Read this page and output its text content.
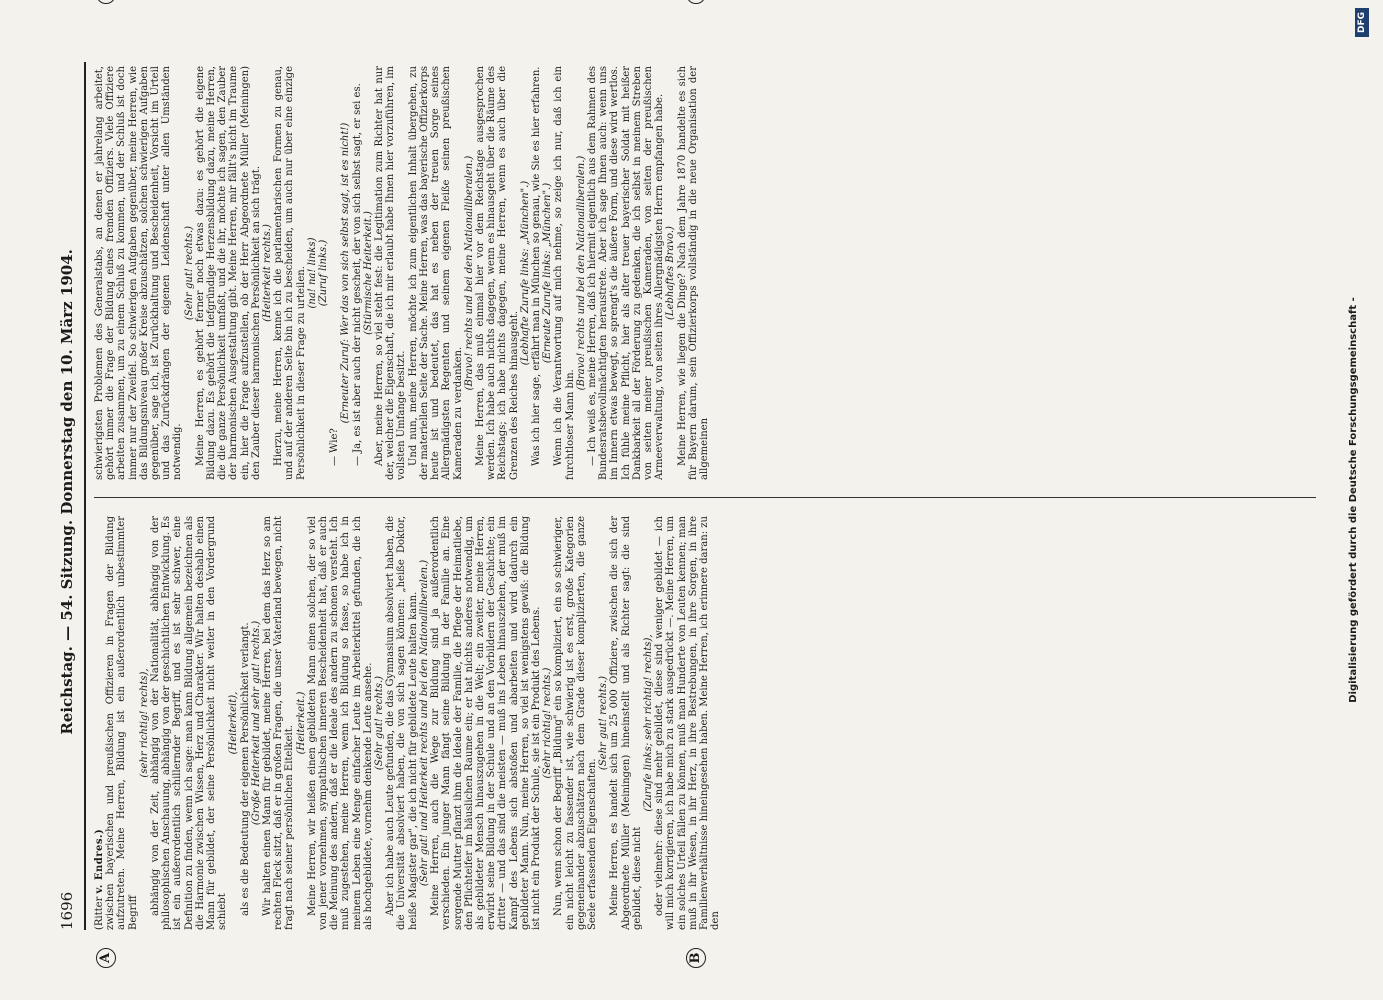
1696
Reichstag. — 54. Sitzung. Donnerstag den 10. März 1904.
A	B

(Ritter v. Endres.) zwischen bayerischen und preußischen Offizieren in Fragen der Bildung aufzutreten. Meine Herren, Bildung ist ein außerordentlich unbestimmter Begriff

(sehr richtig! rechts), abhängig von der Zeit, abhängig von der Nationalität, abhängig von der philosophischen Anschauung, abhängig von der geschichtlichen Entwicklung. Es ist ein außerordentlich schillernder Begriff, und es ist sehr schwer, eine Definition zu finden, wenn ich sage: man kann Bildung allgemein bezeichnen als die Harmonie zwischen Wissen, Herz und Charakter. Wir halten deshalb einen Mann für gebildet, der seine Persönlichkeit nicht weiter in den Vordergrund schiebt

(Heiterkeit), als es die Bedeutung der eigenen Persönlichkeit verlangt. (Große Heiterkeit und sehr gut! rechts.) Wir halten einen Mann für gebildet, meine Herren, bei dem das Herz so am rechten Fleck sitzt, daß er in großen Fragen, die unser Vaterland bewegen, nicht fragt nach seiner persönlichen Eitelkeit.

(Heiterkeit.) Meine Herren, wir heißen einen gebildeten Mann einen solchen, der so viel von jener vornehmen, sympathischen inneren Bescheidenheit hat, daß er auch die Meinung des andern, daß er die Ideale des andern zu schonen versteht. Ich muß zugestehen, meine Herren, wenn ich Bildung so fasse, so habe ich in meinem Leben eine Menge einfacher Leute im Arbeiterkittel gefunden, die ich als hochgebildete, vornehm denkende Leute ansehe. (Sehr gut! rechts.) Aber ich habe auch Leute gefunden, die das Gymnasium absolviert haben, die die Universität absolviert haben, die von sich sagen können: „heiße Doktor, heiße Magister gar", die ich nicht für gebildete Leute halten kann. (Sehr gut! und Heiterkeit rechts und bei den Nationalliberalen.) Meine Herren, auch die Wege zur Bildung sind ja außerordentlich verschieden. Ein junger Mann fängt seine Bildung in der Familie an. Eine sorgende Mutter pflanzt ihm die Ideale der Familie, die Pflege der Heimatliebe, den Pflichteifer im häuslichen Raume ein; er hat nichts anderes notwendig, um als gebildeter Mensch hinauszugehen in die Welt; ein zweiter, meine Herren, erwirbt seine Bildung in der Schule und an den Vorbildern der Geschichte; ein dritter — und das sind die meisten — muß ins Leben hinausziehen, der muß im Kampf des Lebens sich abstoßen und abarbeiten und wird dadurch ein gebildeter Mann. Nun, meine Herren, so viel ist wenigstens gewiß: die Bildung ist nicht ein Produkt der Schule, sie ist ein Produkt des Lebens. (Sehr richtig! rechts.) Nun, wenn schon der Begriff „Bildung" ein so kompliziert, ein so schwieriger, ein nicht leicht zu fassender ist, wie schwierig ist es erst, große Kategorien gegeneinander abzuschätzen nach dem Grade dieser komplizierten, die ganze Seele erfassenden Eigenschaften.

(Sehr gut! rechts.) Meine Herren, es handelt sich um 25 000 Offiziere, zwischen die sich der Abgeordnete Müller (Meiningen) hineinstellt und als Richter sagt: die sind gebildet, diese nicht

(Zurufe links; sehr richtig! rechts), oder vielmehr: diese sind mehr gebildet, diese sind weniger gebildet — ich will mich korrigieren, ich habe mich zu stark ausgedrückt —. Meine Herren, um ein solches Urteil fällen zu können, muß man Hunderte von Leuten kennen; man muß in ihr Wesen, in ihr Herz, in ihre Bestrebungen, in ihre Sorgen, in ihre Familienverhältnisse hineingesehen haben. Meine Herren, ich erinnere daran: zu den

schwierigsten Problemen des Generalstabs, an denen er jahrelang arbeitet, gehört immer die Frage der Bildung eines fremden Offiziers. Viele Offiziere arbeiten zusammen, um zu einem Schluß zu kommen, und der Schluß ist doch immer nur der Zweifel. So schwierigen Aufgaben gegenüber, meine Herren, wie das Bildungsniveau großer Kreise abzuschätzen, solchen schwierigen Aufgaben gegenüber, sage ich, ist Zurückhaltung und Bescheidenheit, Vorsicht im Urteil und das Zurückdrängen der eigenen Leidenschaft unter allen Umständen notwendig.

(Sehr gut! rechts.) Meine Herren, es gehört ferner noch etwas dazu: es gehört die eigene Bildung dazu. Es gehört die tiefgründige Herzensbildung dazu, meine Herren, die die ganze Persönlichkeit umfaßt, und die ihr, möchte ich sagen, den Zauber der harmonischen Ausgestaltung gibt. Meine Herren, mir fällt's nicht im Traume ein, hier die Frage aufzustellen, ob der Herr Abgeordnete Müller (Meiningen) den Zauber dieser harmonischen Persönlichkeit an sich trägt. (Heiterkeit rechts.) Hierzu, meine Herren, kenne ich die parlamentarischen Formen zu genau, und auf der anderen Seite bin ich zu bescheiden, um auch nur über eine einzige Persönlichkeit in dieser Frage zu urteilen. (na! na! links) (Zuruf links.)

— Wie?

(Erneuter Zuruf: Wer das von sich selbst sagt, ist es nicht!) — Ja, es ist aber auch der nicht gescheit, der von sich selbst sagt, er sei es. (Stürmische Heiterkeit.) Aber, meine Herren, so viel steht fest: die Legitimation zum Richter hat nur der, welcher die Eigenschaft, die ich mir erlaubt habe Ihnen hier vorzuführen, im vollsten Umfange besitzt. Und nun, meine Herren, möchte ich zum eigentlichen Inhalt übergehen, zu der materiellen Seite der Sache. Meine Herren, was das bayerische Offizierkorps heute ist und bedeutet, das hat es neben der treuen Sorge seines Allergnädigsten Regenten und seinem eigenen Fleiße seinen preußischen Kameraden zu verdanken.

(Bravo! rechts und bei den Nationalliberalen.) Meine Herren, das muß einmal hier vor dem Reichstage ausgesprochen werden. Ich habe auch nichts dagegen, wenn es hinausgeht über die Räume des Reichstags; ich habe nichts dagegen, meine Herren, wenn es auch über die Grenzen des Reiches hinausgeht.

(Lebhafte Zurufe links: „München".) Was ich hier sage, erfährt man in München so genau, wie Sie es hier erfahren. (Erneute Zurufe links: „München".) Wenn ich die Verantwortung auf mich nehme, so zeige ich nur, daß ich ein furchtloser Mann bin.

(Bravo! rechts und bei den Nationalliberalen.) — Ich weiß es, meine Herren, daß ich hiermit eigentlich aus dem Rahmen des Bundesratsbevollmächtigten heraustrete. Aber ich sage Ihnen auch: wenn uns im Innern etwas bewegt, so sprengt's die äußere Form, und diese wird wertlos. Ich fühle meine Pflicht, hier als alter treuer bayerischer Soldat mit heißer Dankbarkeit all der Förderung zu gedenken, die ich selbst in meinem Streben von seiten meiner preußischen Kameraden, von seiten der preußischen Armeeverwaltung, von seiten ihres Allergnädigsten Herrn empfangen habe. (Lebhaftes Bravo.) Meine Herren, wie liegen die Dinge? Nach dem Jahre 1870 handelte es sich für Bayern darum, sein Offizierkorps vollständig in die neue Organisation der allgemeinen	Digitalisierung gefördert durch die Deutsche Forschungsgemeinschaft -
DFG
